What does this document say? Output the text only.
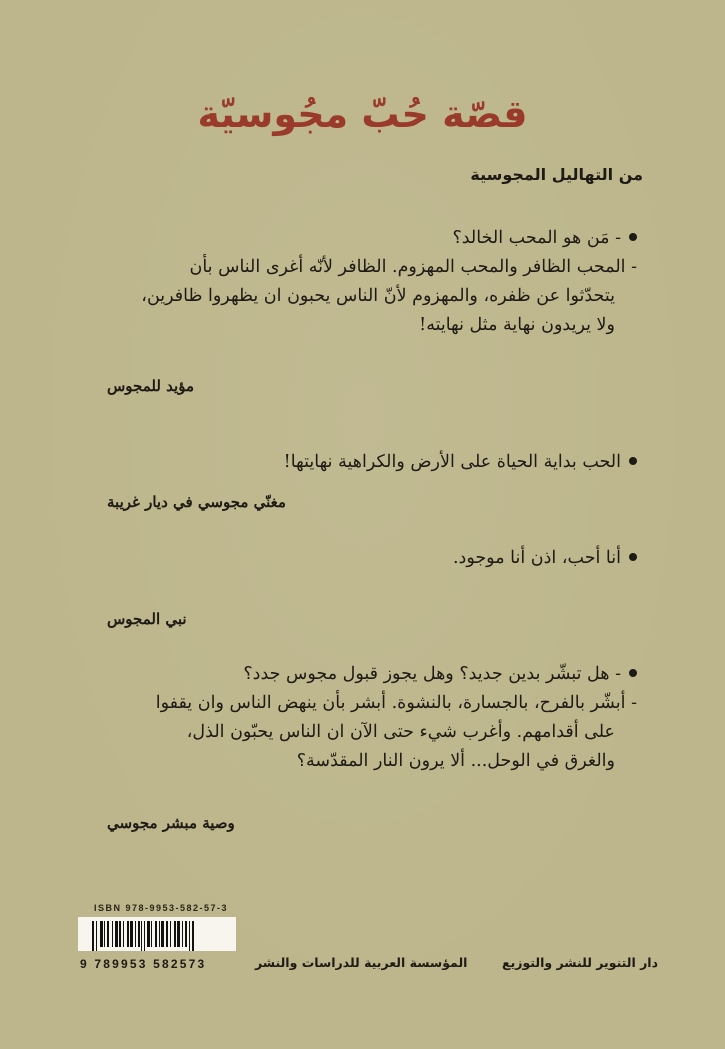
قصّة حُبّ مجُوسيّة
من التهاليل المجوسية
- مَن هو المحب الخالد؟
- المحب الظافر والمحب المهزوم. الظافر لأنّه أغرى الناس بأن
يتحدّثوا عن ظفره، والمهزوم لأنّ الناس يحبون ان يظهروا ظافرين،
ولا يريدون نهاية مثل نهايته!
مؤيد للمجوس
الحب بداية الحياة على الأرض والكراهية نهايتها!
مغنّي مجوسي في ديار غريبة
أنا أحب، اذن أنا موجود.
نبي المجوس
- هل تبشّر بدين جديد؟ وهل يجوز قبول مجوس جدد؟
- أبشّر بالفرح، بالجسارة، بالنشوة. أبشر بأن ينهض الناس وان يقفوا
على أقدامهم. وأغرب شيء حتى الآن ان الناس يحبّون الذل،
والغرق في الوحل... ألا يرون النار المقدّسة؟
وصية مبشر مجوسي
ISBN 978-9953-582-57-3
9 789953 582573	دار التنوير للنشر والتوزيع
المؤسسة العربية للدراسات والنشر
